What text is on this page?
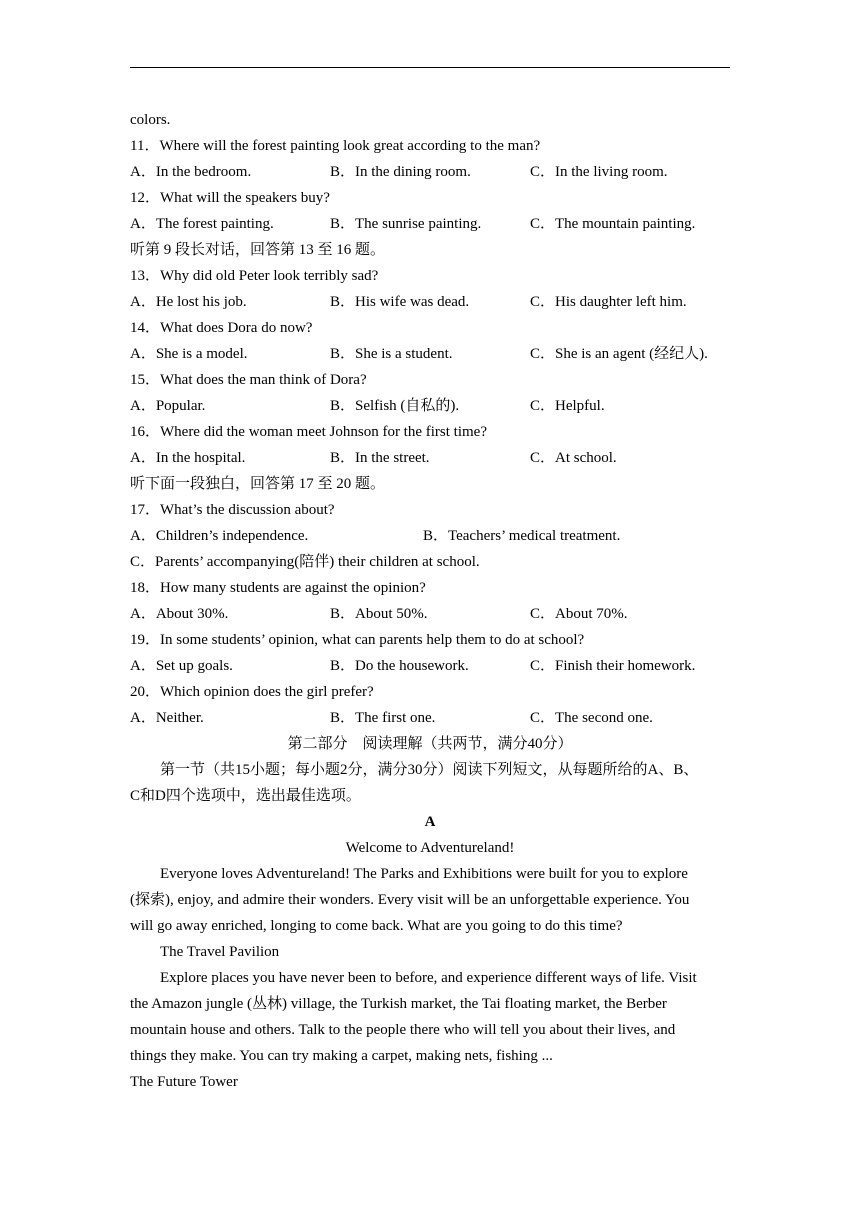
colors.
11．Where will the forest painting look great according to the man?
A．In the bedroom.	B．In the dining room.	C．In the living room.
12．What will the speakers buy?
A．The forest painting.	B．The sunrise painting.	C．The mountain painting.
听第 9 段长对话，回答第 13 至 16 题。
13．Why did old Peter look terribly sad?
A．He lost his job.	B．His wife was dead.	C．His daughter left him.
14．What does Dora do now?
A．She is a model.	B．She is a student.	C．She is an agent (经纪人).
15．What does the man think of Dora?
A．Popular.	B．Selfish (自私的).	C．Helpful.
16．Where did the woman meet Johnson for the first time?
A．In the hospital.	B．In the street.	C．At school.
听下面一段独白，回答第 17 至 20 题。
17．What’s the discussion about?
A．Children’s independence.	B．Teachers’ medical treatment.
C．Parents’ accompanying(陪伴) their children at school.
18．How many students are against the opinion?
A．About 30%.	B．About 50%.	C．About 70%.
19．In some students’ opinion, what can parents help them to do at school?
A．Set up goals.	B．Do the housework.	C．Finish their homework.
20．Which opinion does the girl prefer?
A．Neither.	B．The first one.	C．The second one.
第二部分　阅读理解（共两节，满分40分）
第一节（共15小题；每小题2分，满分30分）阅读下列短文，从每题所给的A、B、
C和D四个选项中，选出最佳选项。
A
Welcome to Adventureland!
Everyone loves Adventureland! The Parks and Exhibitions were built for you to explore
(探索), enjoy, and admire their wonders. Every visit will be an unforgettable experience. You
will go away enriched, longing to come back. What are you going to do this time?
The Travel Pavilion
Explore places you have never been to before, and experience different ways of life. Visit
the Amazon jungle (丛林) village, the Turkish market, the Tai floating market, the Berber
mountain house and others. Talk to the people there who will tell you about their lives, and
things they make. You can try making a carpet, making nets, fishing ...
The Future Tower
